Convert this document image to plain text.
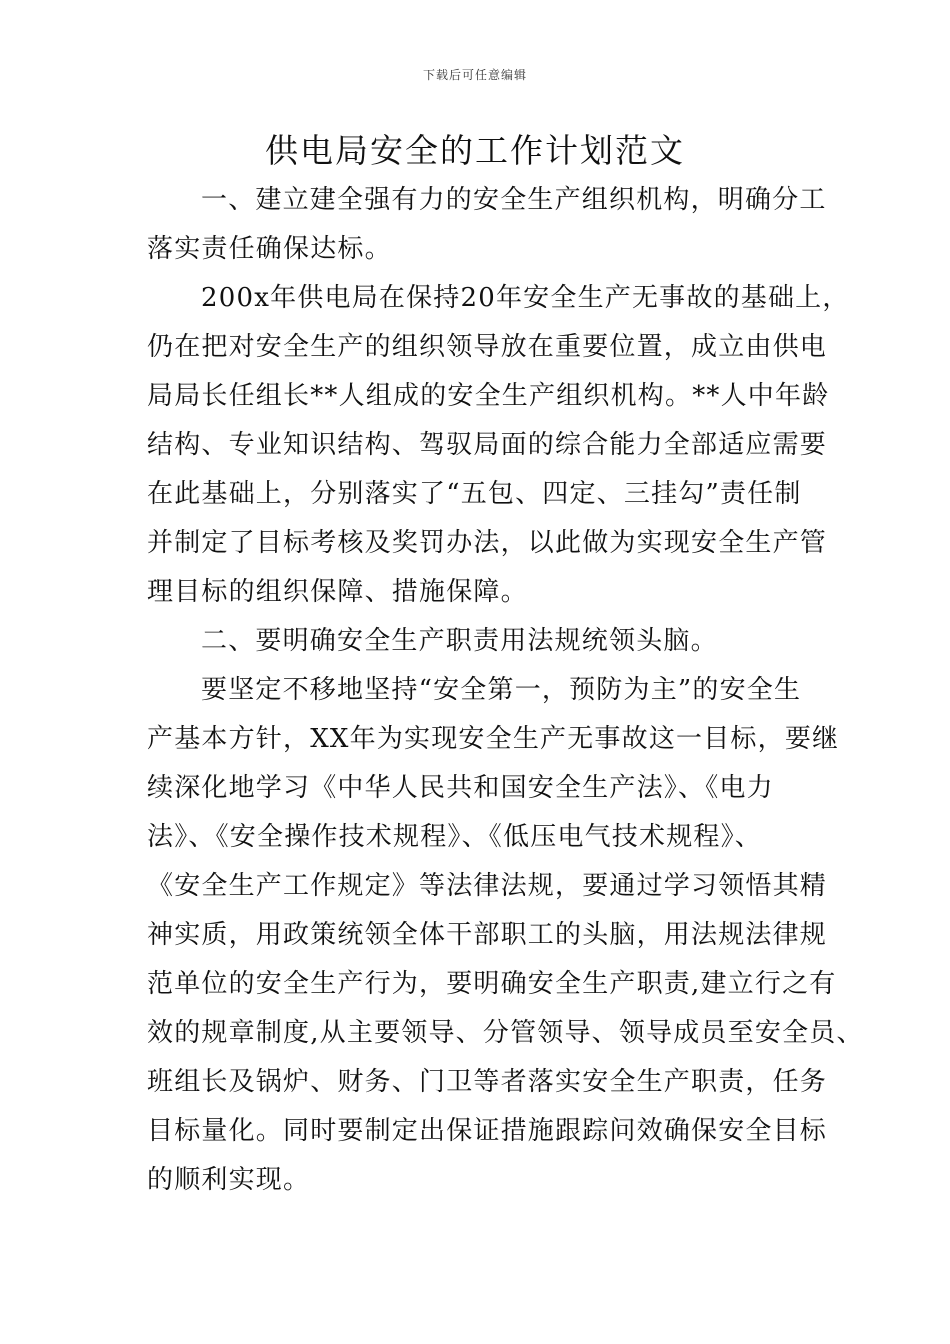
下载后可任意编辑
供电局安全的工作计划范文
一、建立建全强有力的安全生产组织机构，明确分工
落实责任确保达标。
200x年供电局在保持20年安全生产无事故的基础上，
仍在把对安全生产的组织领导放在重要位置，成立由供电
局局长任组长**人组成的安全生产组织机构。**人中年龄
结构、专业知识结构、驾驭局面的综合能力全部适应需要
在此基础上，分别落实了“五包、四定、三挂勾”责任制
并制定了目标考核及奖罚办法，以此做为实现安全生产管
理目标的组织保障、措施保障。
二、要明确安全生产职责用法规统领头脑。
要坚定不移地坚持“安全第一，预防为主”的安全生
产基本方针，XX年为实现安全生产无事故这一目标，要继
续深化地学习《中华人民共和国安全生产法》、《电力
法》、《安全操作技术规程》、《低压电气技术规程》、
《安全生产工作规定》等法律法规，要通过学习领悟其精
神实质，用政策统领全体干部职工的头脑，用法规法律规
范单位的安全生产行为，要明确安全生产职责,建立行之有
效的规章制度,从主要领导、分管领导、领导成员至安全员、
班组长及锅炉、财务、门卫等者落实安全生产职责，任务
目标量化。同时要制定出保证措施跟踪问效确保安全目标
的顺利实现。
